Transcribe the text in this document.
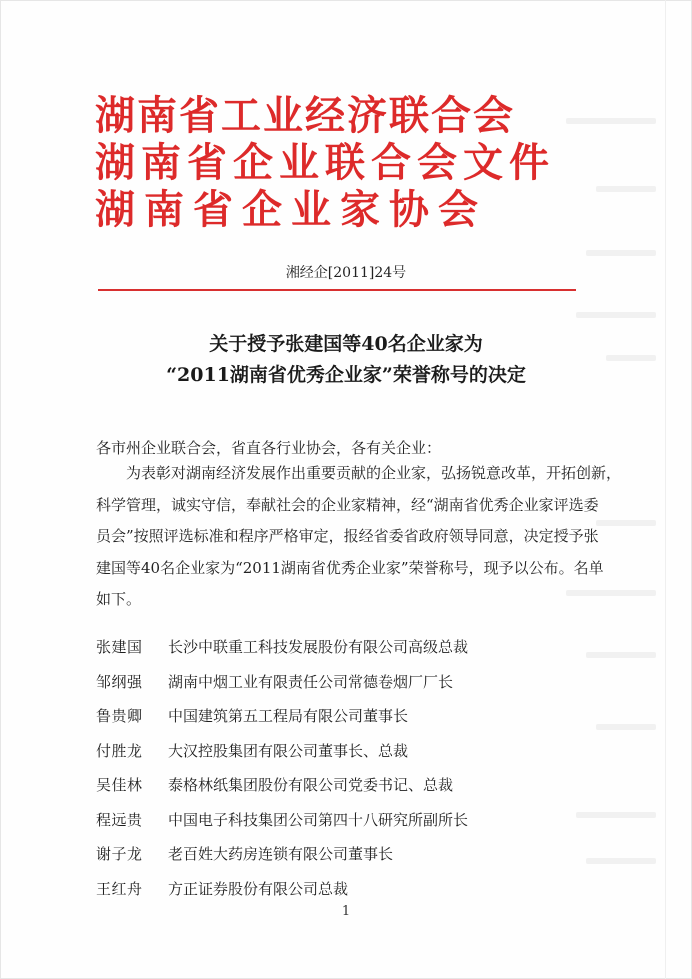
湖南省工业经济联合会
湖南省企业联合会文件
湖南省企业家协会
湘经企[2011]24号
关于授予张建国等40名企业家为
“2011湖南省优秀企业家”荣誉称号的决定
各市州企业联合会，省直各行业协会，各有关企业：
为表彰对湖南经济发展作出重要贡献的企业家，弘扬锐意改革，开拓创新，
科学管理，诚实守信，奉献社会的企业家精神，经“湖南省优秀企业家评选委
员会”按照评选标准和程序严格审定，报经省委省政府领导同意，决定授予张
建国等40名企业家为“2011湖南省优秀企业家”荣誉称号，现予以公布。名单
如下。
张建国 长沙中联重工科技发展股份有限公司高级总裁
邹纲强 湖南中烟工业有限责任公司常德卷烟厂厂长
鲁贵卿 中国建筑第五工程局有限公司董事长
付胜龙 大汉控股集团有限公司董事长、总裁
吴佳林 泰格林纸集团股份有限公司党委书记、总裁
程远贵 中国电子科技集团公司第四十八研究所副所长
谢子龙 老百姓大药房连锁有限公司董事长
王红舟 方正证券股份有限公司总裁
1
